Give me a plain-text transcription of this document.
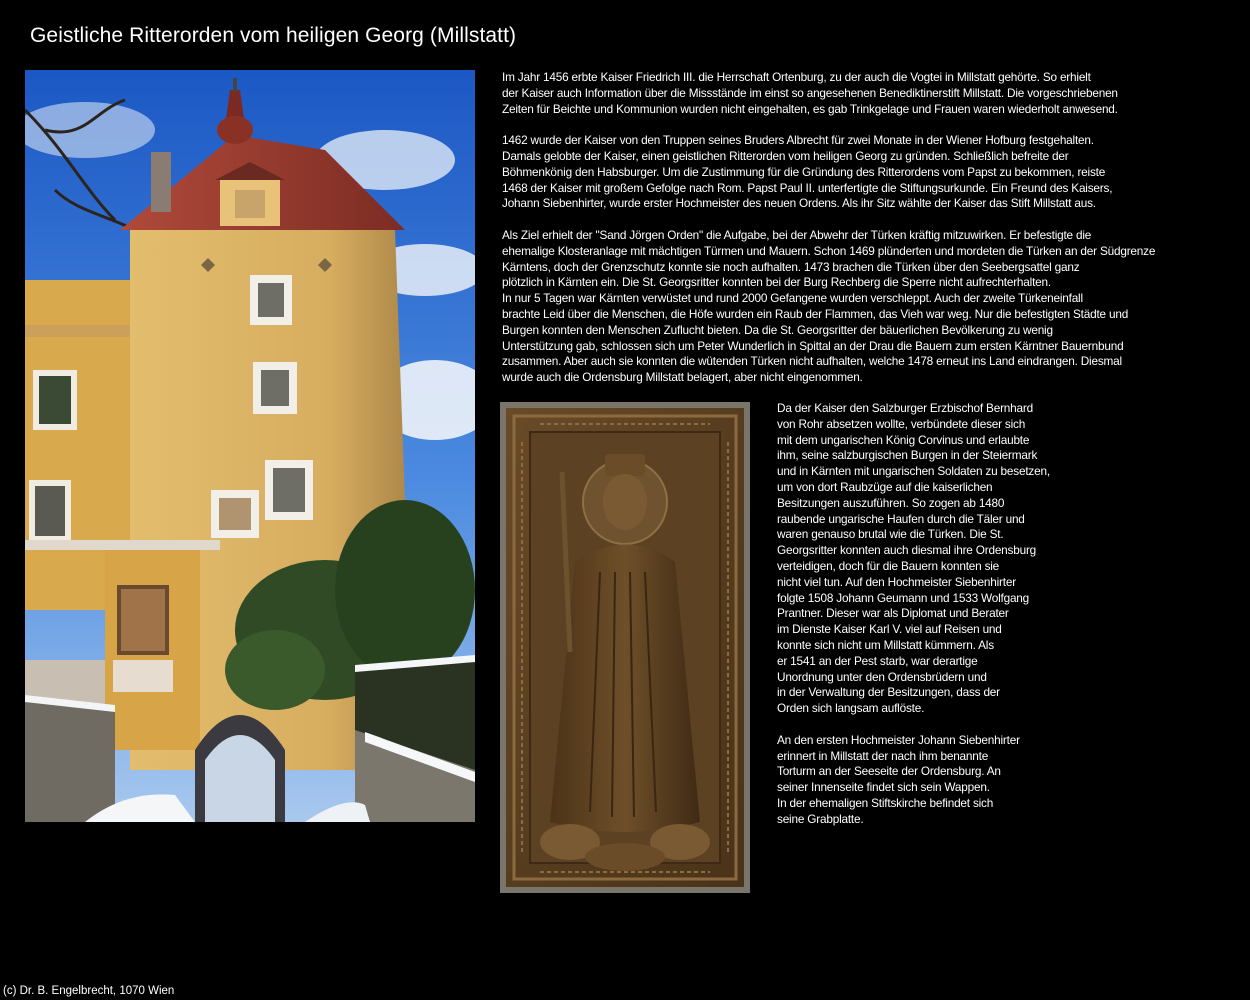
Geistliche Ritterorden vom heiligen Georg (Millstatt)

Im Jahr 1456 erbte Kaiser Friedrich III. die Herrschaft Ortenburg, zu der auch die Vogtei in Millstatt gehörte. So erhielt
der Kaiser auch Information über die Missstände im einst so angesehenen Benediktinerstift Millstatt. Die vorgeschriebenen
Zeiten für Beichte und Kommunion wurden nicht eingehalten, es gab Trinkgelage und Frauen waren wiederholt anwesend.

1462 wurde der Kaiser von den Truppen seines Bruders Albrecht für zwei Monate in der Wiener Hofburg festgehalten.
Damals gelobte der Kaiser, einen geistlichen Ritterorden vom heiligen Georg zu gründen. Schließlich befreite der
Böhmenkönig den Habsburger. Um die Zustimmung für die Gründung des Ritterordens vom Papst zu bekommen, reiste
1468 der Kaiser mit großem Gefolge nach Rom. Papst Paul II. unterfertigte die Stiftungsurkunde. Ein Freund des Kaisers,
Johann Siebenhirter, wurde erster Hochmeister des neuen Ordens. Als ihr Sitz wählte der Kaiser das Stift Millstatt aus.

Als Ziel erhielt der "Sand Jörgen Orden" die Aufgabe, bei der Abwehr der Türken kräftig mitzuwirken. Er befestigte die
ehemalige Klosteranlage mit mächtigen Türmen und Mauern. Schon 1469 plünderten und mordeten die Türken an der Südgrenze
Kärntens, doch der Grenzschutz konnte sie noch aufhalten. 1473 brachen die Türken über den Seebergsattel ganz
plötzlich in Kärnten ein. Die St. Georgsritter konnten bei der Burg Rechberg die Sperre nicht aufrechterhalten.
In nur 5 Tagen war Kärnten verwüstet und rund 2000 Gefangene wurden verschleppt. Auch der zweite Türkeneinfall
brachte Leid über die Menschen, die Höfe wurden ein Raub der Flammen, das Vieh war weg. Nur die befestigten Städte und
Burgen konnten den Menschen Zuflucht bieten. Da die St. Georgsritter der bäuerlichen Bevölkerung zu wenig
Unterstützung gab, schlossen sich um Peter Wunderlich in Spittal an der Drau die Bauern zum ersten Kärntner Bauernbund
zusammen. Aber auch sie konnten die wütenden Türken nicht aufhalten, welche 1478 erneut ins Land eindrangen. Diesmal
wurde auch die Ordensburg Millstatt belagert, aber nicht eingenommen.

Da der Kaiser den Salzburger Erzbischof Bernhard
von Rohr absetzen wollte, verbündete dieser sich
mit dem ungarischen König Corvinus und erlaubte
ihm, seine salzburgischen Burgen in der Steiermark
und in Kärnten mit ungarischen Soldaten zu besetzen,
um von dort Raubzüge auf die kaiserlichen
Besitzungen auszuführen. So zogen ab 1480
raubende ungarische Haufen durch die Täler und
waren genauso brutal wie die Türken. Die St.
Georgsritter konnten auch diesmal ihre Ordensburg
verteidigen, doch für die Bauern konnten sie
nicht viel tun. Auf den Hochmeister Siebenhirter
folgte 1508 Johann Geumann und 1533 Wolfgang
Prantner. Dieser war als Diplomat und Berater
im Dienste Kaiser Karl V. viel auf Reisen und
konnte sich nicht um Millstatt kümmern. Als
er 1541 an der Pest starb, war derartige
Unordnung unter den Ordensbrüdern und
in der Verwaltung der Besitzungen, dass der
Orden sich langsam auflöste.

An den ersten Hochmeister Johann Siebenhirter
erinnert in Millstatt der nach ihm benannte
Torturm an der Seeseite der Ordensburg. An
seiner Innenseite findet sich sein Wappen.
In der ehemaligen Stiftskirche befindet sich
seine Grabplatte.

(c) Dr. B. Engelbrecht, 1070 Wien
